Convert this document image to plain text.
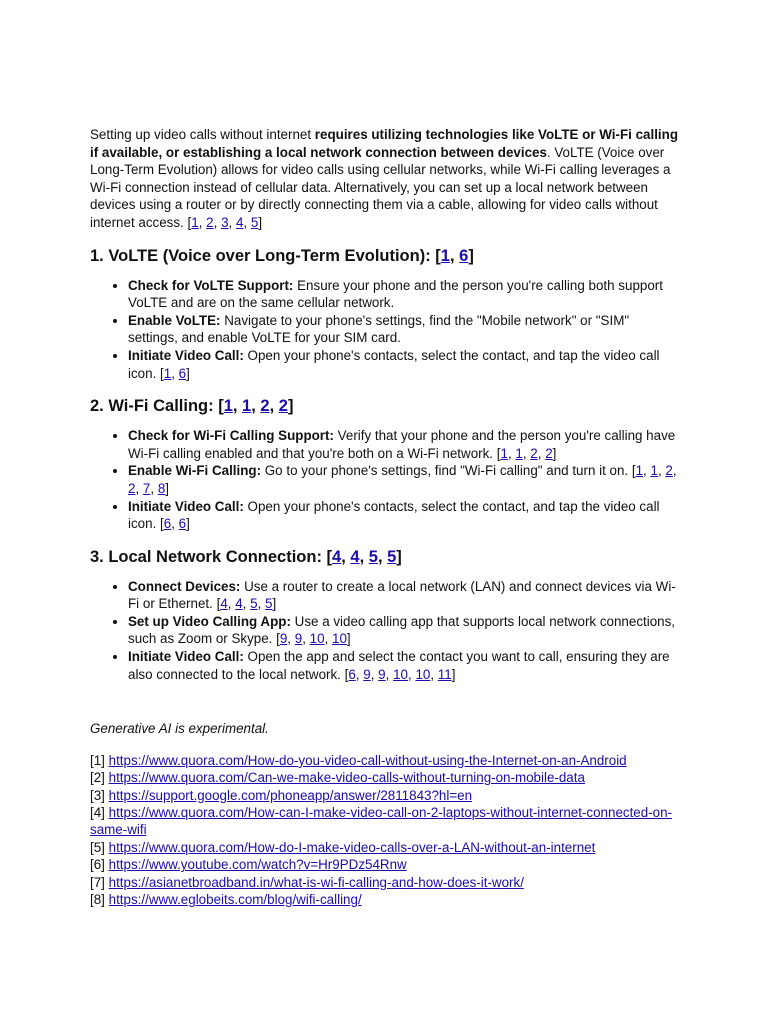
Setting up video calls without internet requires utilizing technologies like VoLTE or Wi-Fi calling if available, or establishing a local network connection between devices. VoLTE (Voice over Long-Term Evolution) allows for video calls using cellular networks, while Wi-Fi calling leverages a Wi-Fi connection instead of cellular data. Alternatively, you can set up a local network between devices using a router or by directly connecting them via a cable, allowing for video calls without internet access. [1, 2, 3, 4, 5]

1. VoLTE (Voice over Long-Term Evolution): [1, 6]
• Check for VoLTE Support: Ensure your phone and the person you're calling both support VoLTE and are on the same cellular network.
• Enable VoLTE: Navigate to your phone's settings, find the "Mobile network" or "SIM" settings, and enable VoLTE for your SIM card.
• Initiate Video Call: Open your phone's contacts, select the contact, and tap the video call icon. [1, 6]
2. Wi-Fi Calling: [1, 1, 2, 2]
• Check for Wi-Fi Calling Support: Verify that your phone and the person you're calling have Wi-Fi calling enabled and that you're both on a Wi-Fi network. [1, 1, 2, 2]
• Enable Wi-Fi Calling: Go to your phone's settings, find "Wi-Fi calling" and turn it on. [1, 1, 2, 2, 7, 8]
• Initiate Video Call: Open your phone's contacts, select the contact, and tap the video call icon. [6, 6]
3. Local Network Connection: [4, 4, 5, 5]
• Connect Devices: Use a router to create a local network (LAN) and connect devices via Wi-Fi or Ethernet. [4, 4, 5, 5]
• Set up Video Calling App: Use a video calling app that supports local network connections, such as Zoom or Skype. [9, 9, 10, 10]
• Initiate Video Call: Open the app and select the contact you want to call, ensuring they are also connected to the local network. [6, 9, 9, 10, 10, 11]

Generative AI is experimental.

[1] https://www.quora.com/How-do-you-video-call-without-using-the-Internet-on-an-Android

[2] https://www.quora.com/Can-we-make-video-calls-without-turning-on-mobile-data

[3] https://support.google.com/phoneapp/answer/2811843?hl=en

[4] https://www.quora.com/How-can-I-make-video-call-on-2-laptops-without-internet-connected-on-same-wifi

[5] https://www.quora.com/How-do-I-make-video-calls-over-a-LAN-without-an-internet

[6] https://www.youtube.com/watch?v=Hr9PDz54Rnw

[7] https://asianetbroadband.in/what-is-wi-fi-calling-and-how-does-it-work/

[8] https://www.eglobeits.com/blog/wifi-calling/
